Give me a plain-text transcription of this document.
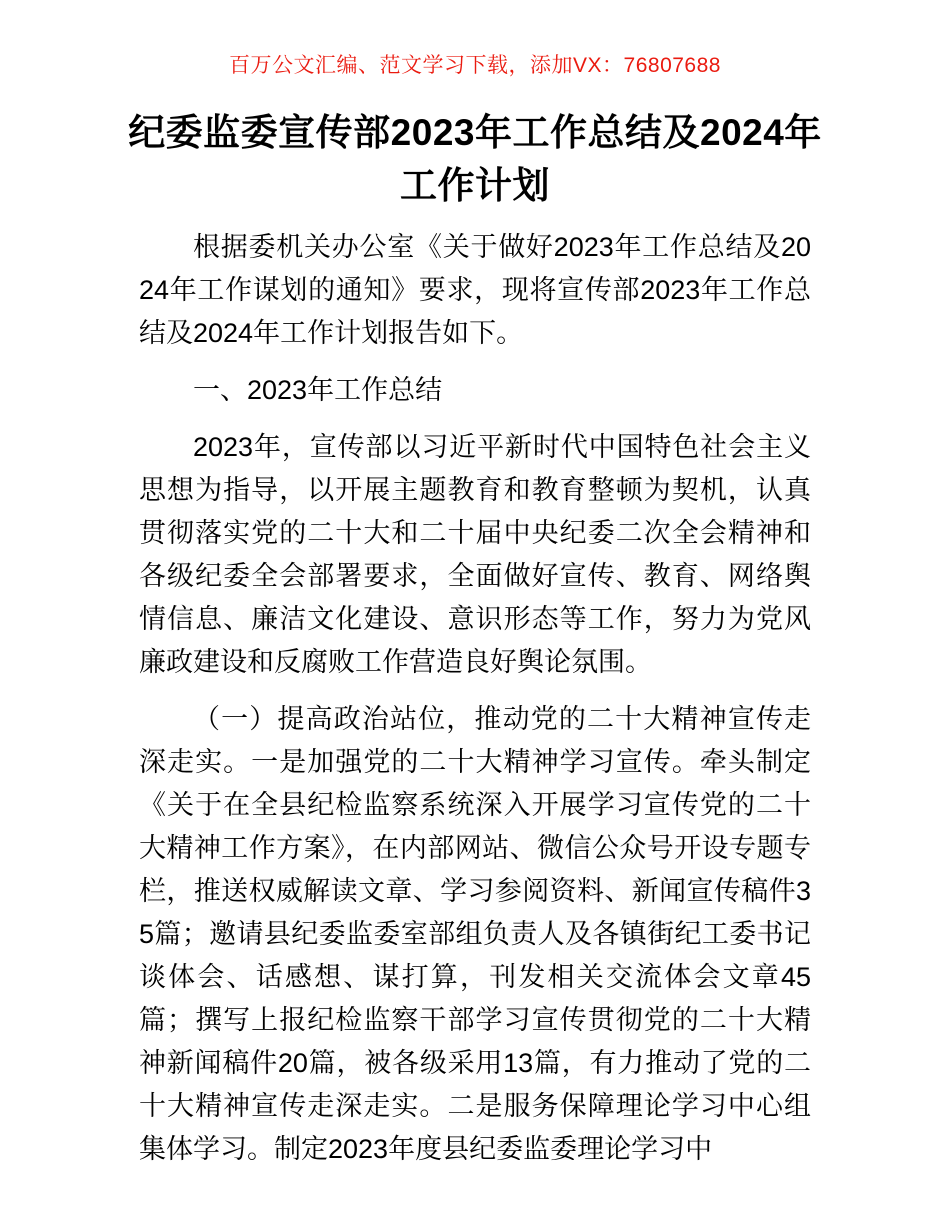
百万公文汇编、范文学习下载，添加VX：76807688
纪委监委宣传部2023年工作总结及2024年工作计划

根据委机关办公室《关于做好2023年工作总结及2024年工作谋划的通知》要求，现将宣传部2023年工作总结及2024年工作计划报告如下。

一、2023年工作总结

2023年，宣传部以习近平新时代中国特色社会主义思想为指导，以开展主题教育和教育整顿为契机，认真贯彻落实党的二十大和二十届中央纪委二次全会精神和各级纪委全会部署要求，全面做好宣传、教育、网络舆情信息、廉洁文化建设、意识形态等工作，努力为党风廉政建设和反腐败工作营造良好舆论氛围。

（一）提高政治站位，推动党的二十大精神宣传走深走实。一是加强党的二十大精神学习宣传。牵头制定《关于在全县纪检监察系统深入开展学习宣传党的二十大精神工作方案》，在内部网站、微信公众号开设专题专栏，推送权威解读文章、学习参阅资料、新闻宣传稿件35篇；邀请县纪委监委室部组负责人及各镇街纪工委书记谈体会、话感想、谋打算，刊发相关交流体会文章45篇；撰写上报纪检监察干部学习宣传贯彻党的二十大精神新闻稿件20篇，被各级采用13篇，有力推动了党的二十大精神宣传走深走实。二是服务保障理论学习中心组集体学习。制定2023年度县纪委监委理论学习中
